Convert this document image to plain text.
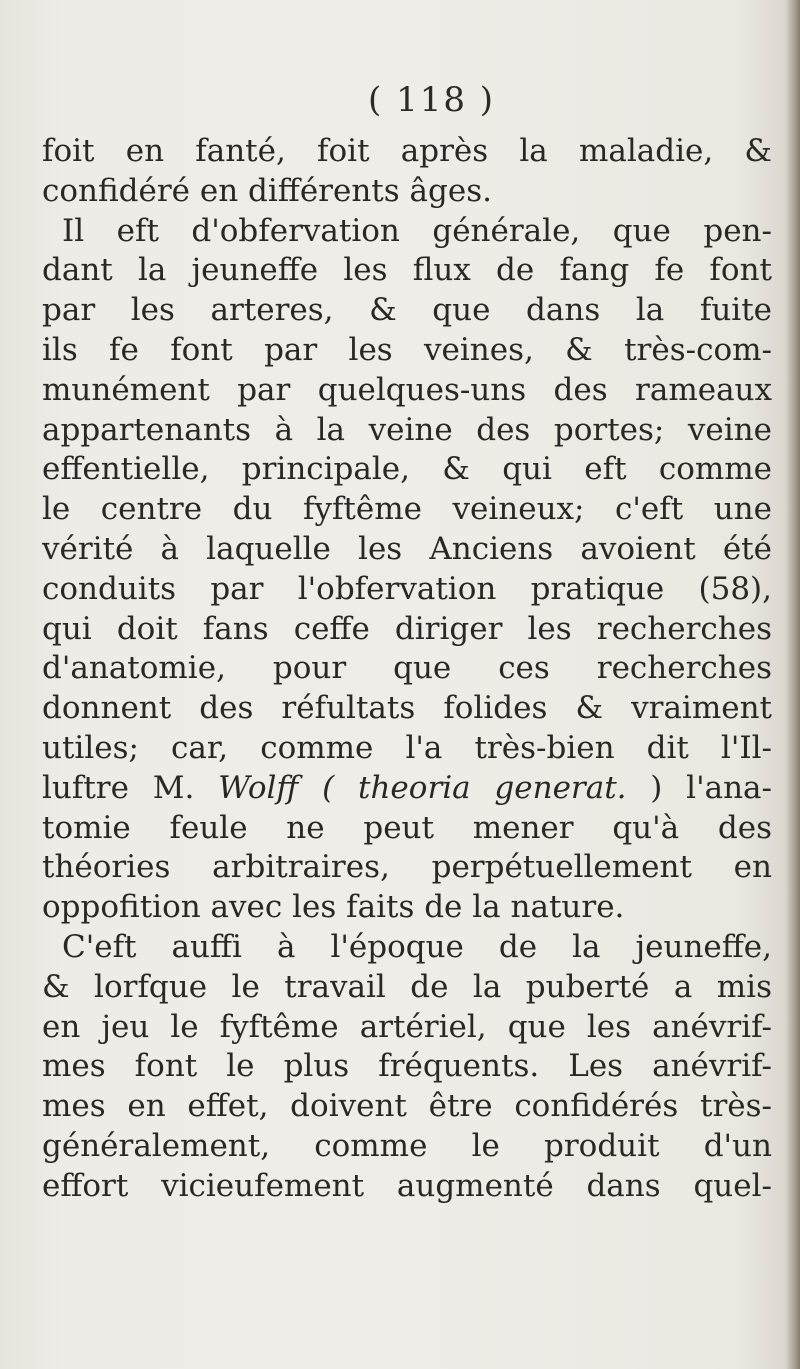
( 118 )
foit en fanté, foit après la maladie, &
confidéré en différents âges.
Il eft d'obfervation générale, que pen-
dant la jeuneffe les flux de fang fe font
par les arteres, & que dans la fuite
ils fe font par les veines, & très-com-
munément par quelques-uns des rameaux
appartenants à la veine des portes; veine
effentielle, principale, & qui eft comme
le centre du fyftême veineux; c'eft une
vérité à laquelle les Anciens avoient été
conduits par l'obfervation pratique (58),
qui doit fans ceffe diriger les recherches
d'anatomie, pour que ces recherches
donnent des réfultats folides & vraiment
utiles; car, comme l'a très-bien dit l'Il-
luftre M. Wolff ( theoria generat. ) l'ana-
tomie feule ne peut mener qu'à des
théories arbitraires, perpétuellement en
oppofition avec les faits de la nature.
C'eft auffi à l'époque de la jeuneffe,
& lorfque le travail de la puberté a mis
en jeu le fyftême artériel, que les anévrif-
mes font le plus fréquents. Les anévrif-
mes en effet, doivent être confidérés très-
généralement, comme le produit d'un
effort vicieufement augmenté dans quel-
